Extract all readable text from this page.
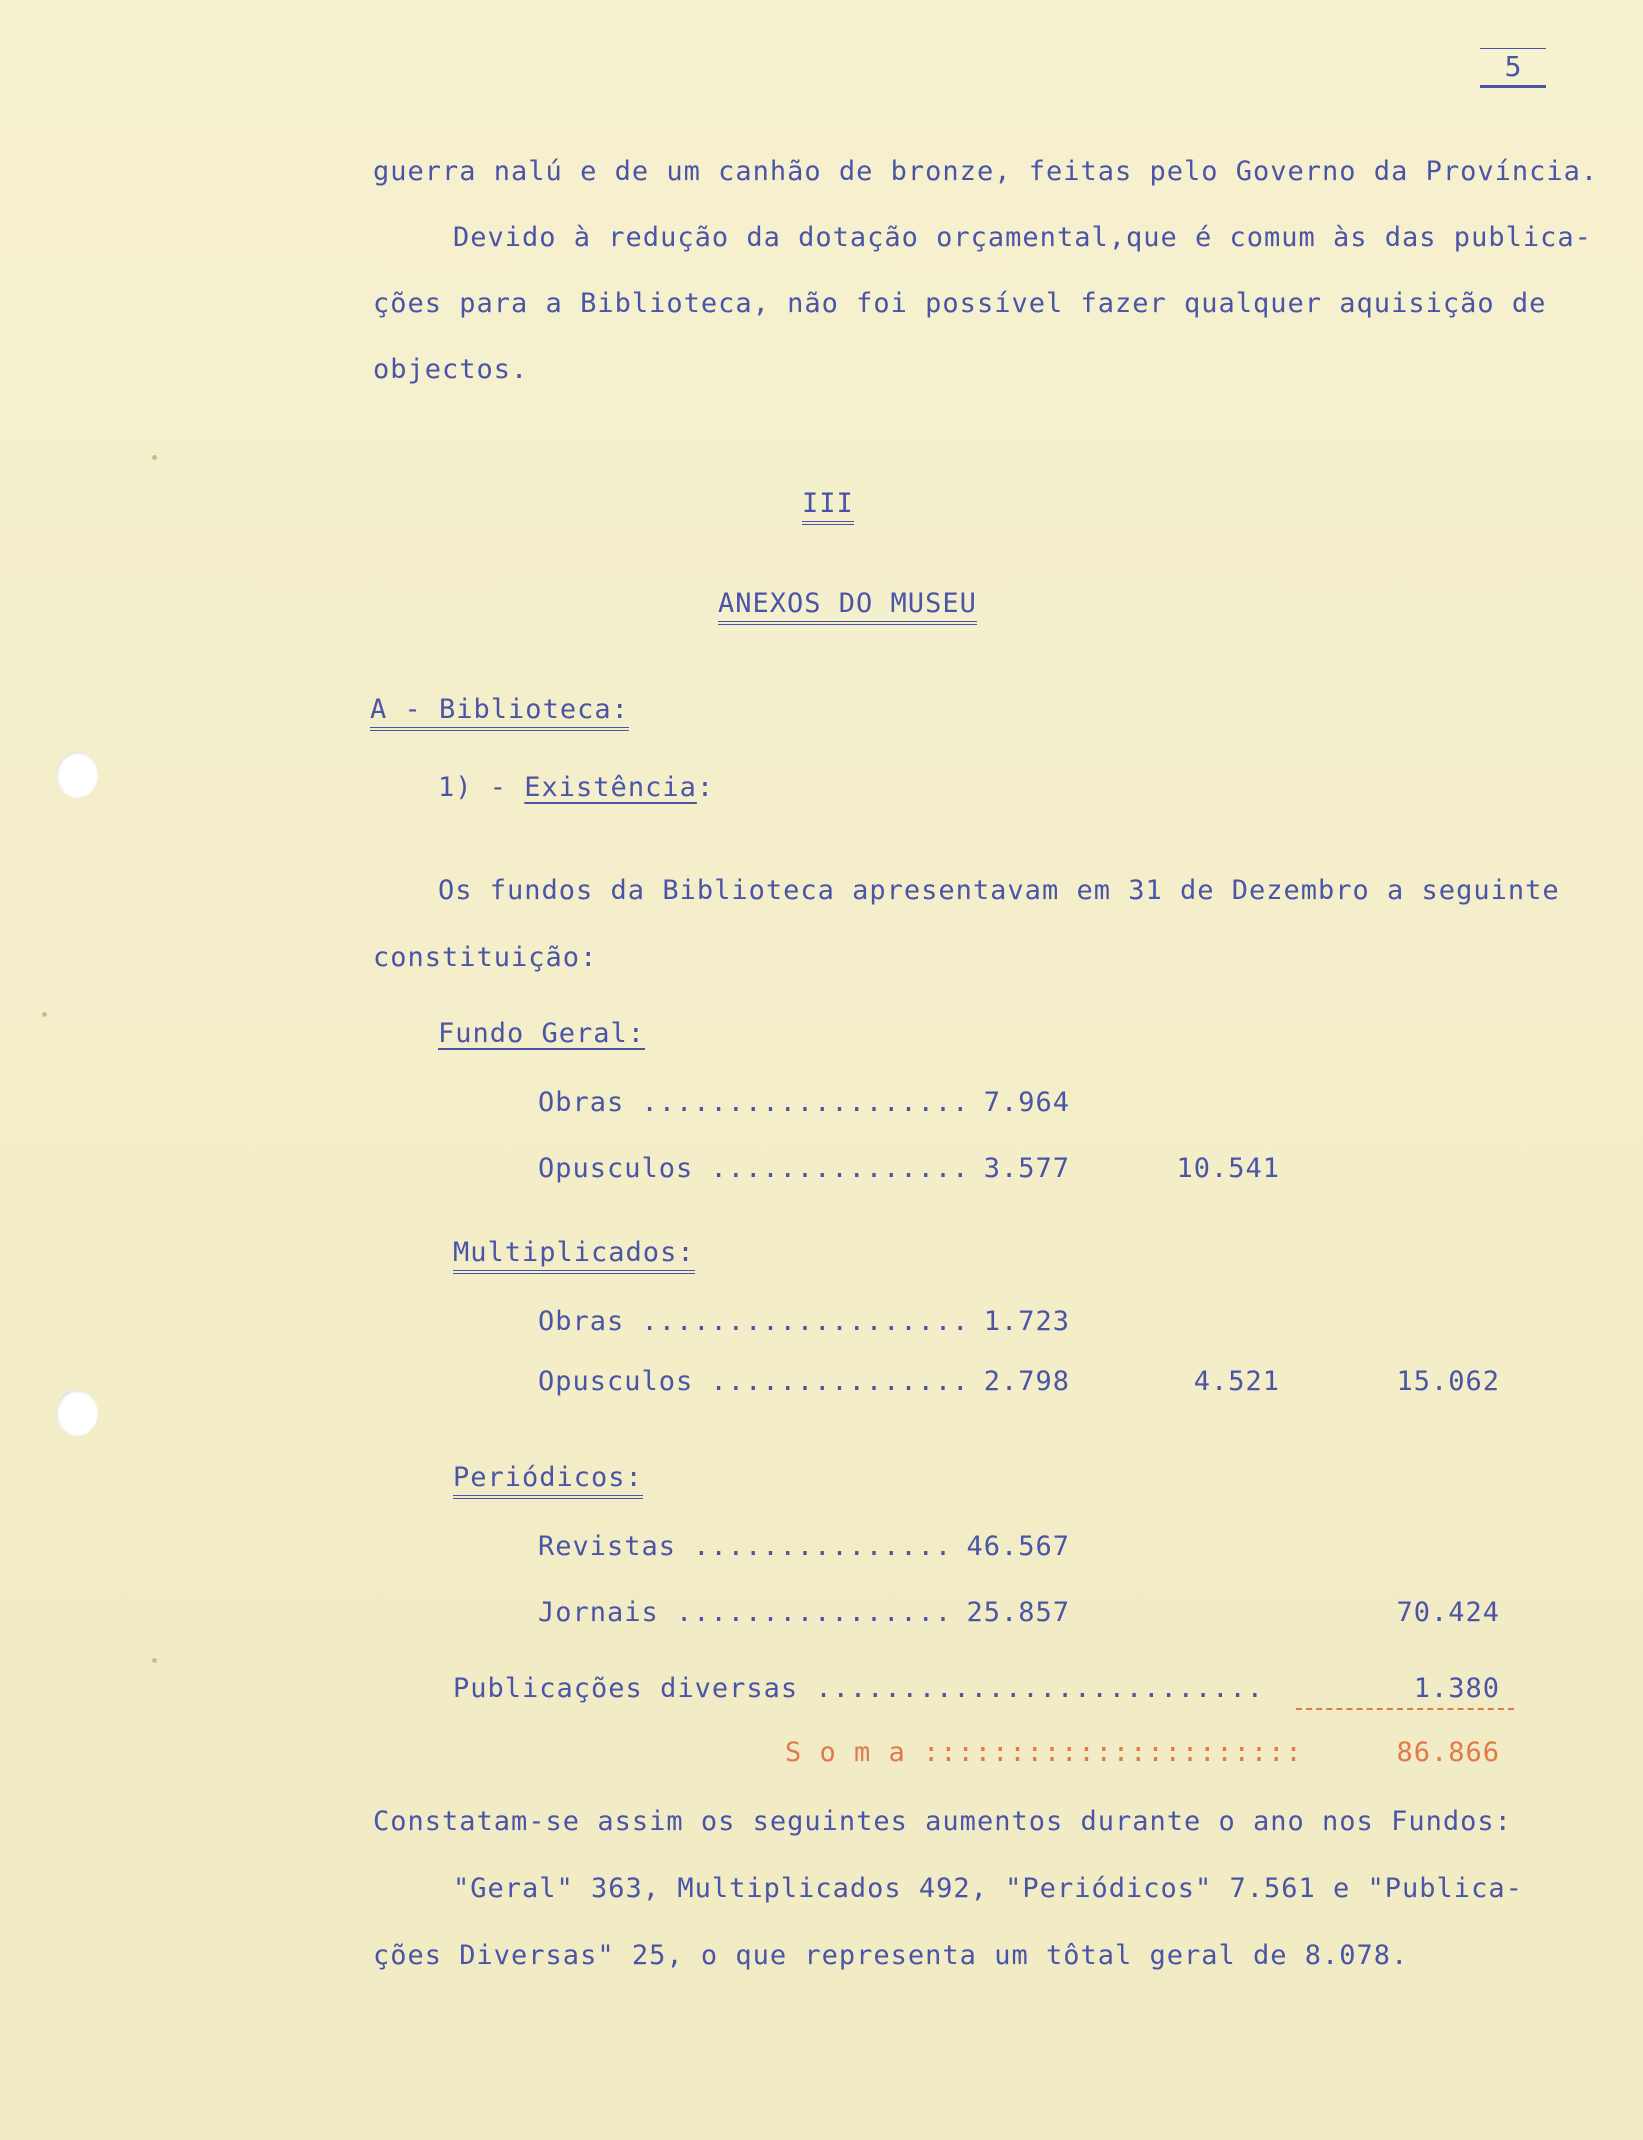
5
guerra nalú e de um canhão de bronze, feitas pelo Governo da Província.
Devido à redução da dotação orçamental,que é comum às das publica-
ções para a Biblioteca, não foi possível fazer qualquer aquisição de
objectos.
III
ANEXOS DO MUSEU
A - Biblioteca:
1) - Existência:
Os fundos da Biblioteca apresentavam em 31 de Dezembro a seguinte
constituição:
Fundo Geral:
Obras ................... 7.964
Opusculos ............... 3.577	10.541
Multiplicados:
Obras ................... 1.723
Opusculos ............... 2.798	4.521	15.062
Periódicos:
Revistas ............... 46.567
Jornais ................ 25.857	70.424
Publicações diversas ..........................	1.380
S o m a ::::::::::::::::::::::	86.866
Constatam-se assim os seguintes aumentos durante o ano nos Fundos:
"Geral" 363, Multiplicados 492, "Periódicos" 7.561 e "Publica-
ções Diversas" 25, o que representa um tôtal geral de 8.078.
